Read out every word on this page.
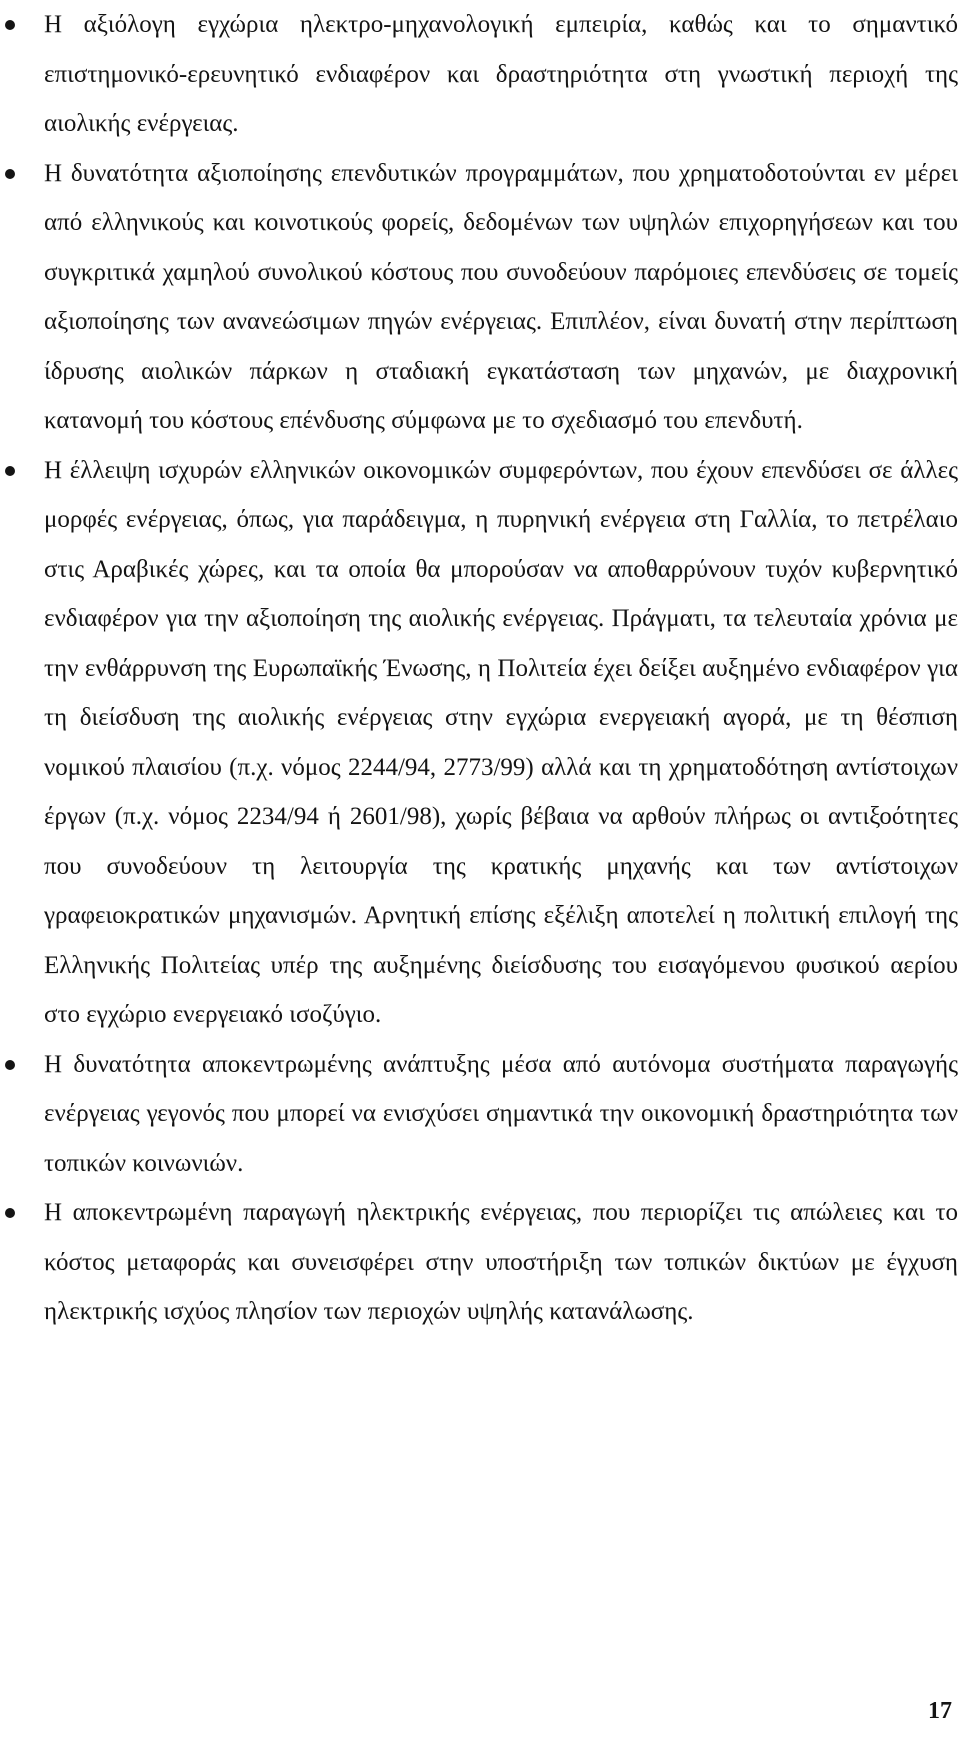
Η αξιόλογη εγχώρια ηλεκτρο-μηχανολογική εμπειρία, καθώς και το σημαντικό επιστημονικό-ερευνητικό ενδιαφέρον και δραστηριότητα στη γνωστική περιοχή της αιολικής ενέργειας.
Η δυνατότητα αξιοποίησης επενδυτικών προγραμμάτων, που χρηματοδοτούνται εν μέρει από ελληνικούς και κοινοτικούς φορείς, δεδομένων των υψηλών επιχορηγήσεων και του συγκριτικά χαμηλού συνολικού κόστους που συνοδεύουν παρόμοιες επενδύσεις σε τομείς αξιοποίησης των ανανεώσιμων πηγών ενέργειας. Επιπλέον, είναι δυνατή στην περίπτωση ίδρυσης αιολικών πάρκων η σταδιακή εγκατάσταση των μηχανών, με διαχρονική κατανομή του κόστους επένδυσης σύμφωνα με το σχεδιασμό του επενδυτή.
Η έλλειψη ισχυρών ελληνικών οικονομικών συμφερόντων, που έχουν επενδύσει σε άλλες μορφές ενέργειας, όπως, για παράδειγμα, η πυρηνική ενέργεια στη Γαλλία, το πετρέλαιο στις Αραβικές χώρες, και τα οποία θα μπορούσαν να αποθαρρύνουν τυχόν κυβερνητικό ενδιαφέρον για την αξιοποίηση της αιολικής ενέργειας. Πράγματι, τα τελευταία χρόνια με την ενθάρρυνση της Ευρωπαϊκής Ένωσης, η Πολιτεία έχει δείξει αυξημένο ενδιαφέρον για τη διείσδυση της αιολικής ενέργειας στην εγχώρια ενεργειακή αγορά, με τη θέσπιση νομικού πλαισίου (π.χ. νόμος 2244/94, 2773/99) αλλά και τη χρηματοδότηση αντίστοιχων έργων (π.χ. νόμος 2234/94 ή 2601/98), χωρίς βέβαια να αρθούν πλήρως οι αντιξοότητες που συνοδεύουν τη λειτουργία της κρατικής μηχανής και των αντίστοιχων γραφειοκρατικών μηχανισμών. Αρνητική επίσης εξέλιξη αποτελεί η πολιτική επιλογή της Ελληνικής Πολιτείας υπέρ της αυξημένης διείσδυσης του εισαγόμενου φυσικού αερίου στο εγχώριο ενεργειακό ισοζύγιο.
Η δυνατότητα αποκεντρωμένης ανάπτυξης μέσα από αυτόνομα συστήματα παραγωγής ενέργειας γεγονός που μπορεί να ενισχύσει σημαντικά την οικονομική δραστηριότητα των τοπικών κοινωνιών.
Η αποκεντρωμένη παραγωγή ηλεκτρικής ενέργειας, που περιορίζει τις απώλειες και το κόστος μεταφοράς και συνεισφέρει στην υποστήριξη των τοπικών δικτύων με έγχυση ηλεκτρικής ισχύος πλησίον των περιοχών υψηλής κατανάλωσης.
17
